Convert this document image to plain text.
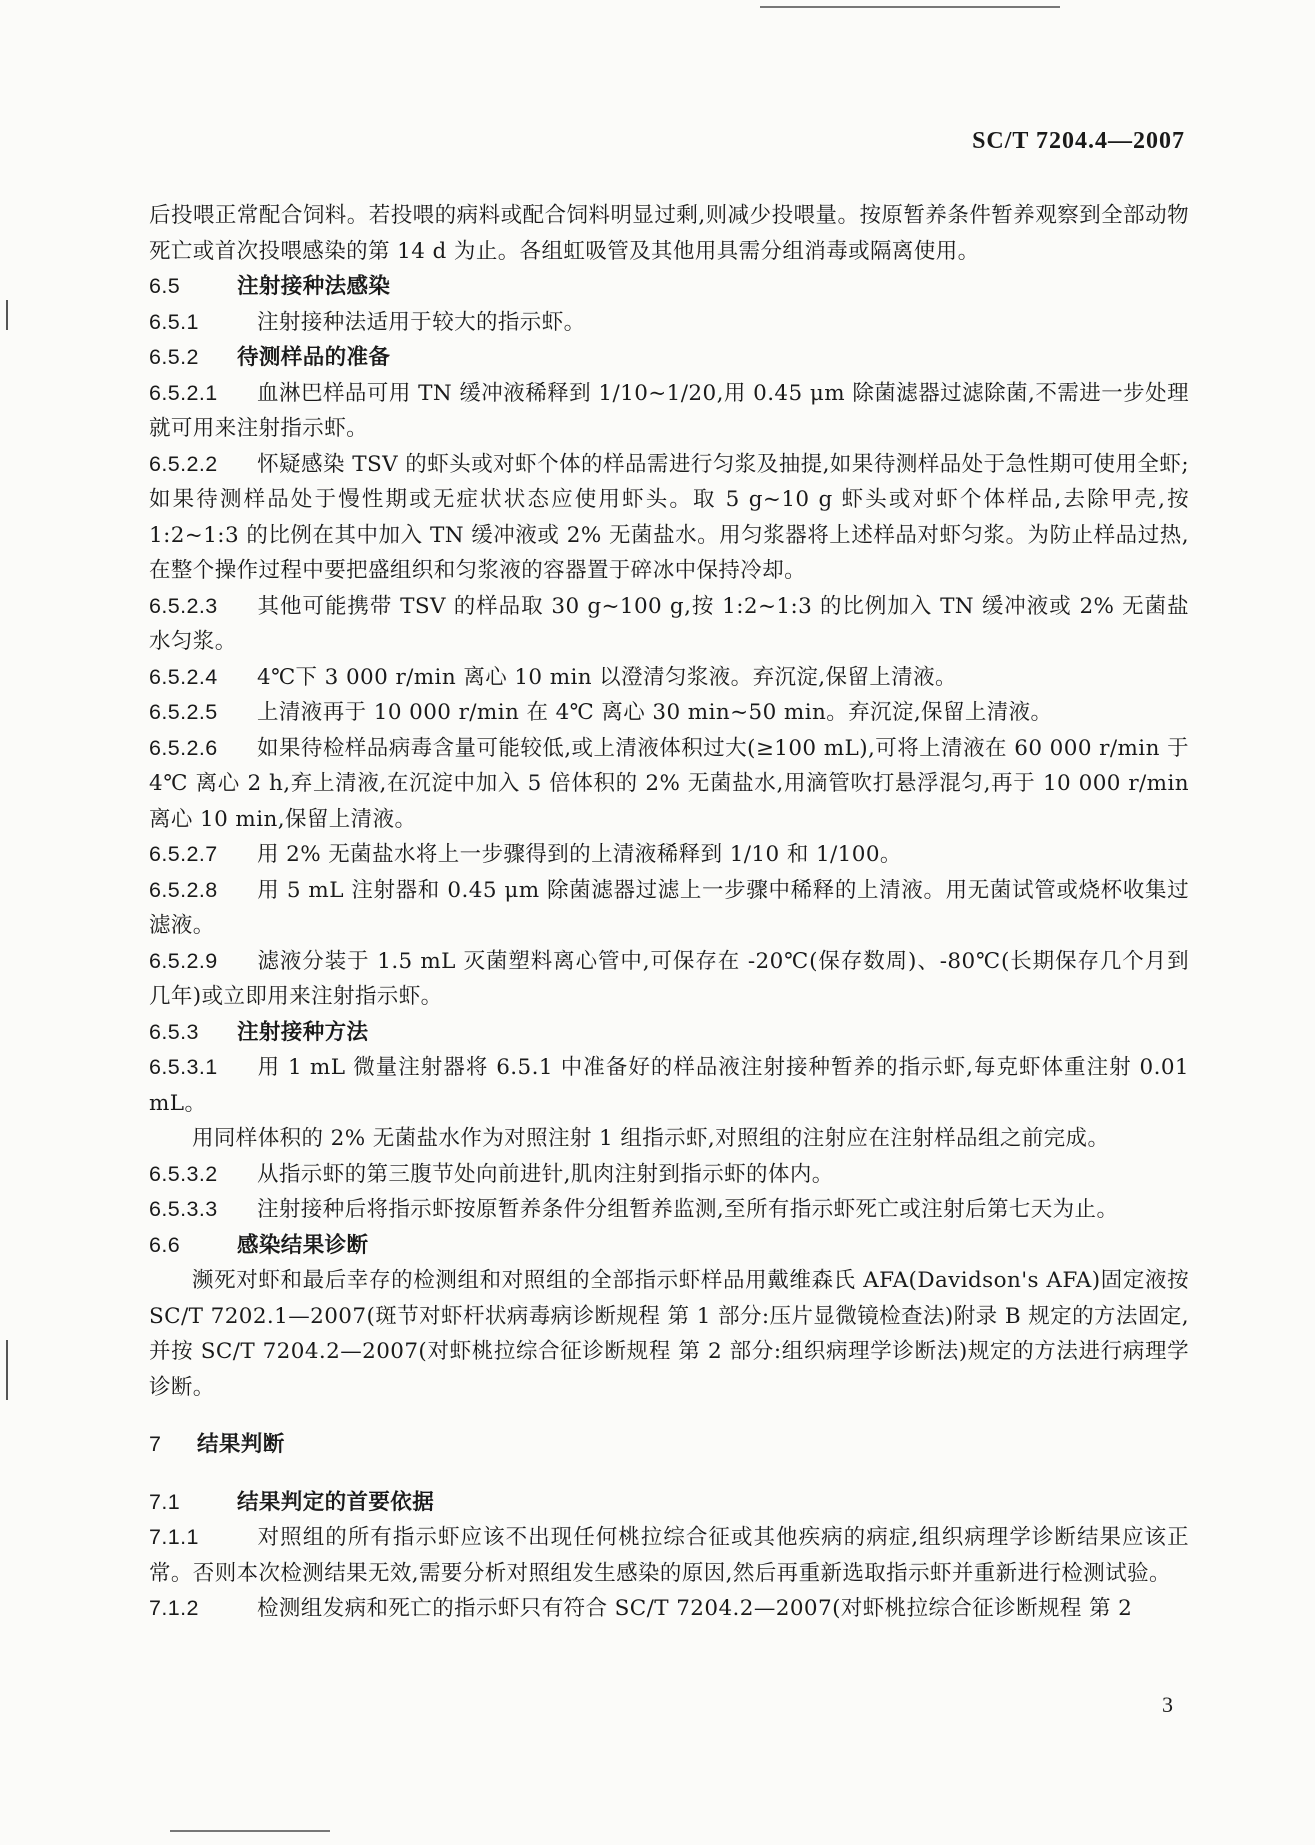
SC/T 7204.4—2007

后投喂正常配合饲料。若投喂的病料或配合饲料明显过剩,则减少投喂量。按原暂养条件暂养观察到全部动物死亡或首次投喂感染的第 14 d 为止。各组虹吸管及其他用具需分组消毒或隔离使用。

6.5	注射接种法感染

6.5.1	注射接种法适用于较大的指示虾。

6.5.2 待测样品的准备

6.5.2.1 血淋巴样品可用 TN 缓冲液稀释到 1/10~1/20,用 0.45 μm 除菌滤器过滤除菌,不需进一步处理就可用来注射指示虾。

6.5.2.2 怀疑感染 TSV 的虾头或对虾个体的样品需进行匀浆及抽提,如果待测样品处于急性期可使用全虾;如果待测样品处于慢性期或无症状状态应使用虾头。取 5 g~10 g 虾头或对虾个体样品,去除甲壳,按 1:2~1:3 的比例在其中加入 TN 缓冲液或 2% 无菌盐水。用匀浆器将上述样品对虾匀浆。为防止样品过热,在整个操作过程中要把盛组织和匀浆液的容器置于碎冰中保持冷却。

6.5.2.3 其他可能携带 TSV 的样品取 30 g~100 g,按 1:2~1:3 的比例加入 TN 缓冲液或 2% 无菌盐水匀浆。

6.5.2.4 4℃下 3 000 r/min 离心 10 min 以澄清匀浆液。弃沉淀,保留上清液。

6.5.2.5 上清液再于 10 000 r/min 在 4℃ 离心 30 min~50 min。弃沉淀,保留上清液。

6.5.2.6 如果待检样品病毒含量可能较低,或上清液体积过大(≥100 mL),可将上清液在 60 000 r/min 于 4℃ 离心 2 h,弃上清液,在沉淀中加入 5 倍体积的 2% 无菌盐水,用滴管吹打悬浮混匀,再于 10 000 r/min 离心 10 min,保留上清液。

6.5.2.7 用 2% 无菌盐水将上一步骤得到的上清液稀释到 1/10 和 1/100。

6.5.2.8 用 5 mL 注射器和 0.45 μm 除菌滤器过滤上一步骤中稀释的上清液。用无菌试管或烧杯收集过滤液。

6.5.2.9 滤液分装于 1.5 mL 灭菌塑料离心管中,可保存在 -20℃(保存数周)、-80℃(长期保存几个月到几年)或立即用来注射指示虾。

6.5.3 注射接种方法

6.5.3.1 用 1 mL 微量注射器将 6.5.1 中准备好的样品液注射接种暂养的指示虾,每克虾体重注射 0.01 mL。

用同样体积的 2% 无菌盐水作为对照注射 1 组指示虾,对照组的注射应在注射样品组之前完成。

6.5.3.2 从指示虾的第三腹节处向前进针,肌肉注射到指示虾的体内。

6.5.3.3 注射接种后将指示虾按原暂养条件分组暂养监测,至所有指示虾死亡或注射后第七天为止。

6.6	感染结果诊断

濒死对虾和最后幸存的检测组和对照组的全部指示虾样品用戴维森氏 AFA(Davidson's AFA)固定液按 SC/T 7202.1—2007(斑节对虾杆状病毒病诊断规程 第 1 部分:压片显微镜检查法)附录 B 规定的方法固定,并按 SC/T 7204.2—2007(对虾桃拉综合征诊断规程 第 2 部分:组织病理学诊断法)规定的方法进行病理学诊断。

7 结果判断

7.1	结果判定的首要依据

7.1.1	对照组的所有指示虾应该不出现任何桃拉综合征或其他疾病的病症,组织病理学诊断结果应该正常。否则本次检测结果无效,需要分析对照组发生感染的原因,然后再重新选取指示虾并重新进行检测试验。

7.1.2	检测组发病和死亡的指示虾只有符合 SC/T 7204.2—2007(对虾桃拉综合征诊断规程 第 2

3
